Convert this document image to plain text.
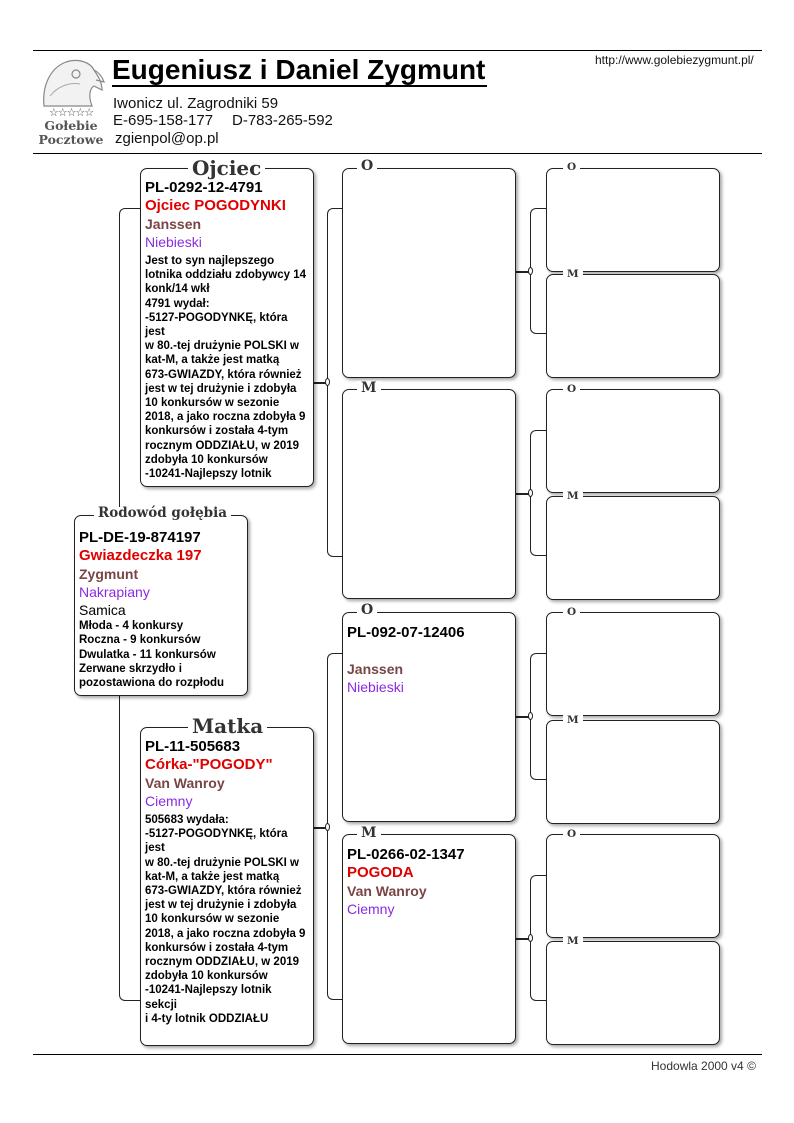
☆☆☆☆☆
Gołebie
Pocztowe
Eugeniusz i Daniel Zygmunt	http://www.golebiezygmunt.pl/
Iwonicz ul. Zagrodniki 59
E-695-158-177 D-783-265-592
zgienpol@op.pl
PL-DE-19-874197
Gwiazdeczka 197
Zygmunt
Nakrapiany
Samica
Młoda - 4 konkursy
Roczna - 9 konkursów
Dwulatka - 11 konkursów
Zerwane skrzydło i
pozostawiona do rozpłodu
Rodowód gołębia
PL-0292-12-4791
Ojciec POGODYNKI
Janssen
Niebieski
Jest to syn najlepszego
lotnika oddziału zdobywcy 14
konk/14 wkł
4791 wydał:
-5127-POGODYNKĘ, która
jest
w 80.-tej drużynie POLSKI w
kat-M, a także jest matką
673-GWIAZDY, która również
jest w tej drużynie i zdobyła
10 konkursów w sezonie
2018, a jako roczna zdobyła 9
konkursów i została 4-tym
rocznym ODDZIAŁU, w 2019
zdobyła 10 konkursów
-10241-Najlepszy lotnik
Ojciec
PL-11-505683
Córka-"POGODY"
Van Wanroy
Ciemny
505683 wydała:
-5127-POGODYNKĘ, która
jest
w 80.-tej drużynie POLSKI w
kat-M, a także jest matką
673-GWIAZDY, która również
jest w tej drużynie i zdobyła
10 konkursów w sezonie
2018, a jako roczna zdobyła 9
konkursów i została 4-tym
rocznym ODDZIAŁU, w 2019
zdobyła 10 konkursów
-10241-Najlepszy lotnik
sekcji
i 4-ty lotnik ODDZIAŁU
Matka
O
M
PL-092-07-12406
Janssen
Niebieski
O
PL-0266-02-1347
POGODA
Van Wanroy
Ciemny
M
O
M
O
M
O
M
O
M
Hodowla 2000 v4 ©
